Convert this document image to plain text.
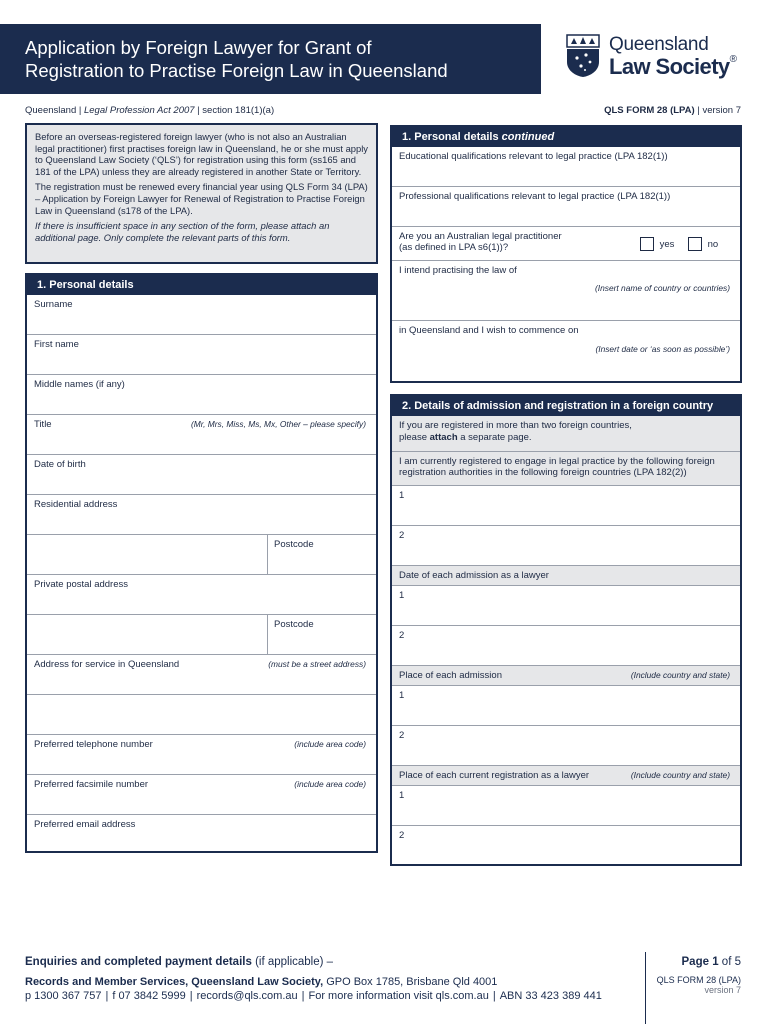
Application by Foreign Lawyer for Grant of
Registration to Practise Foreign Law in Queensland
Queensland
Law Society®
Queensland | Legal Profession Act 2007 | section 181(1)(a)	QLS FORM 28 (LPA) | version 7

Before an overseas-registered foreign lawyer (who is not also an Australian legal practitioner) first practises foreign law in Queensland, he or she must apply to Queensland Law Society (‘QLS’) for registration using this form (ss165 and 181 of the LPA) unless they are already registered in another State or Territory.

The registration must be renewed every financial year using QLS Form 34 (LPA) – Application by Foreign Lawyer for Renewal of Registration to Practise Foreign Law in Queensland (s178 of the LPA).

If there is insufficient space in any section of the form, please attach an additional page. Only complete the relevant parts of this form.

1. Personal details
Surname
First name
Middle names (if any)
Title	(Mr, Mrs, Miss, Ms, Mx, Other – please specify)
Date of birth
Residential address
Postcode
Private postal address
Postcode
Address for service in Queensland	(must be a street address)
Preferred telephone number	(include area code)
Preferred facsimile number	(include area code)
Preferred email address
1. Personal details continued
Educational qualifications relevant to legal practice (LPA 182(1))
Professional qualifications relevant to legal practice (LPA 182(1))
Are you an Australian legal practitioner
(as defined in LPA s6(1))?	yes	no
I intend practising the law of
(Insert name of country or countries)
in Queensland and I wish to commence on
(Insert date or ‘as soon as possible’)
2. Details of admission and registration in a foreign country
If you are registered in more than two foreign countries,
please attach a separate page.
I am currently registered to engage in legal practice by the following foreign
registration authorities in the following foreign countries (LPA 182(2))
1
2
Date of each admission as a lawyer
1
2
Place of each admission	(Include country and state)
1
2
Place of each current registration as a lawyer	(Include country and state)
1
2
Enquiries and completed payment details (if applicable) –
Records and Member Services, Queensland Law Society, GPO Box 1785, Brisbane Qld 4001
p 1300 367 757 | f 07 3842 5999 | records@qls.com.au | For more information visit qls.com.au | ABN 33 423 389 441
Page 1 of 5
QLS FORM 28 (LPA)
version 7
